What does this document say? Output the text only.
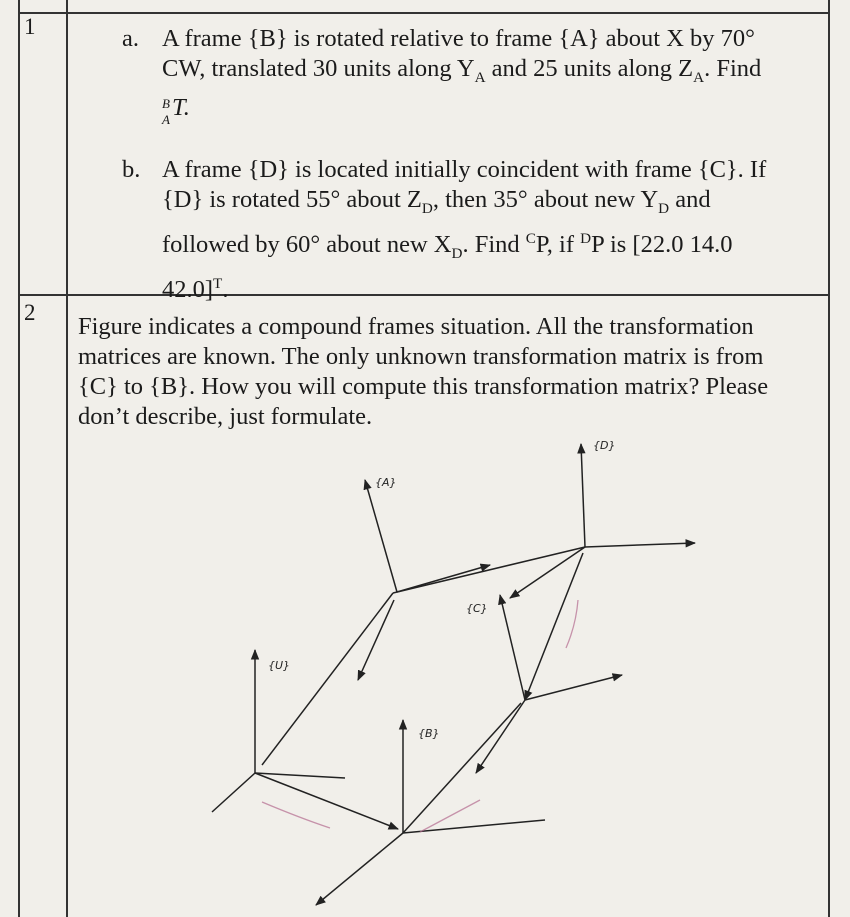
1	a. A frame {B} is rotated relative to frame {A} about X by 70°
CW, translated 30 units along $Y_A$ and 25 units along $Z_A$. Find
B
A T.
b. A frame {D} is located initially coincident with frame {C}. If
{D} is rotated 55° about $Z_D$, then 35° about new $Y_D$ and
followed by 60° about new $X_D$. Find $^C$P, if $^D$P is [22.0 14.0
42.0]$^T$.
2
Figure indicates a compound frames situation. All the transformation
matrices are known. The only unknown transformation matrix is from
{C} to {B}. How you will compute this transformation matrix? Please
don’t describe, just formulate.
{A}
{C}
{D}
{U}
{B}
